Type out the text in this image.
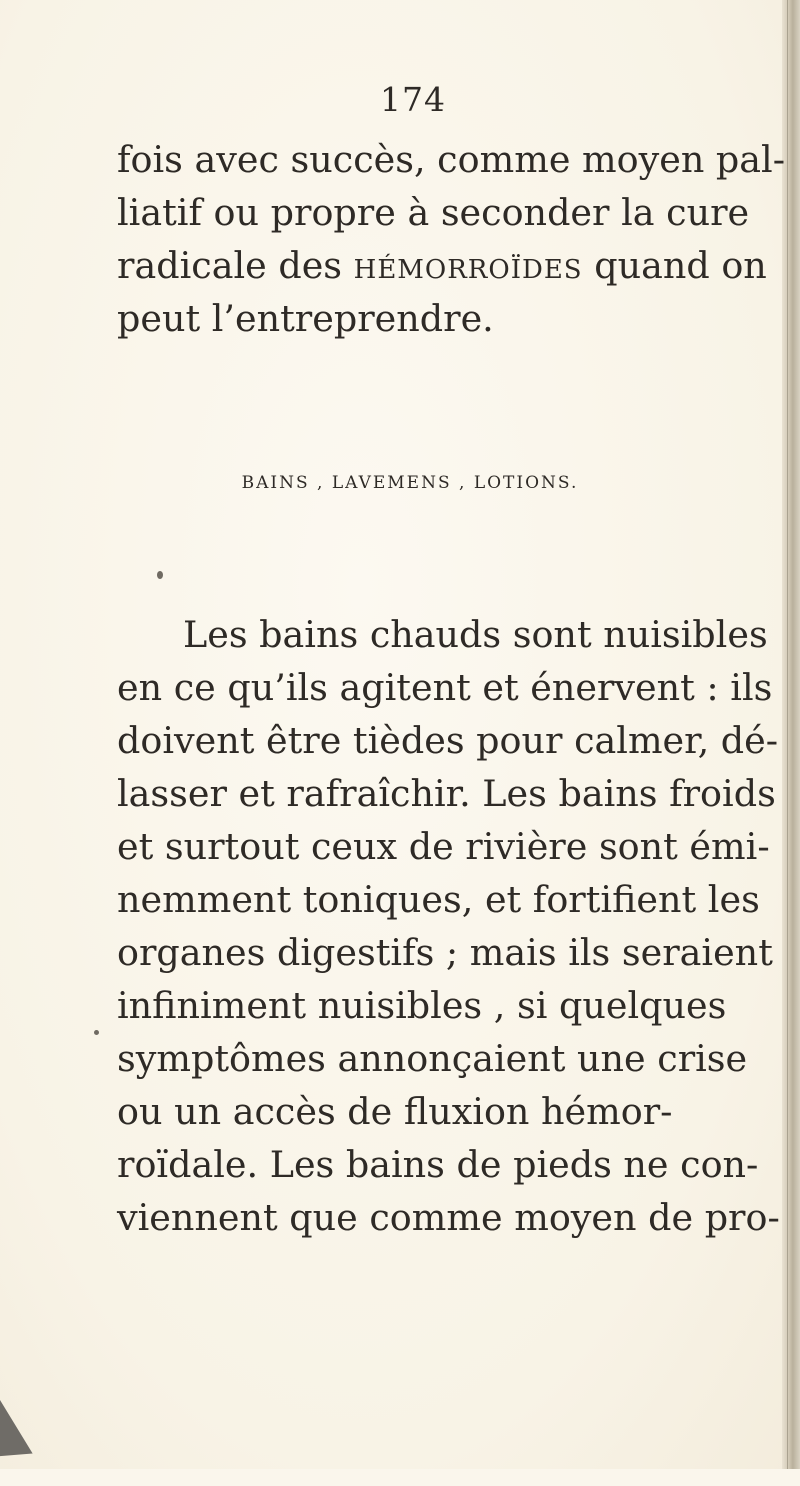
174
fois avec succès, comme moyen pal-
liatif ou propre à seconder la cure
radicale des HÉMORROÏDES quand on
peut l’entreprendre.
BAINS , LAVEMENS , LOTIONS.
Les bains chauds sont nuisibles
en ce qu’ils agitent et énervent : ils
doivent être tièdes pour calmer, dé-
lasser et rafraîchir. Les bains froids
et surtout ceux de rivière sont émi-
nemment toniques, et fortifient les
organes digestifs ; mais ils seraient
infiniment nuisibles , si quelques
symptômes annonçaient une crise
ou un accès de fluxion hémor-
roïdale. Les bains de pieds ne con-
viennent que comme moyen de pro-
